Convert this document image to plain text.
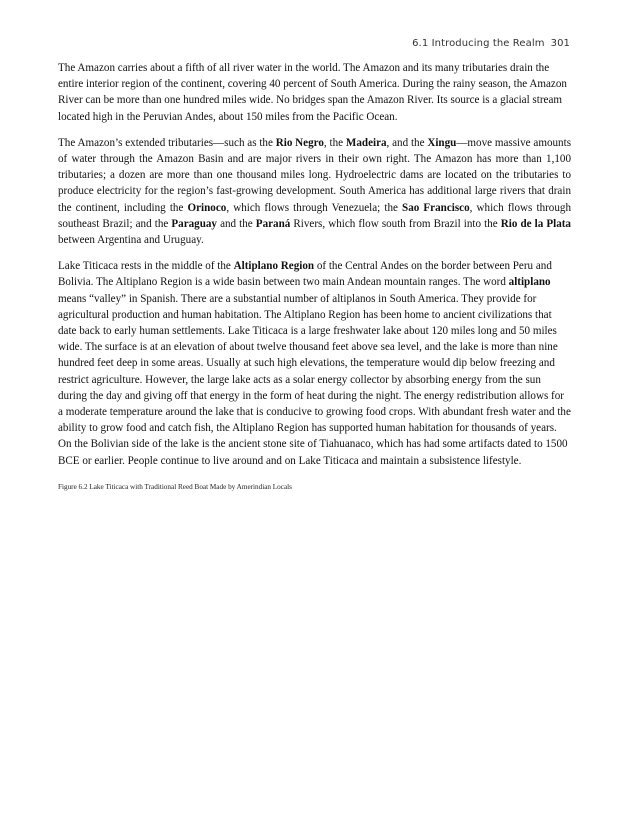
6.1 Introducing the Realm 301

The Amazon carries about a fifth of all river water in the world. The Amazon and its many tributaries drain the entire interior region of the continent, covering 40 percent of South America. During the rainy season, the Amazon River can be more than one hundred miles wide. No bridges span the Amazon River. Its source is a glacial stream located high in the Peruvian Andes, about 150 miles from the Pacific Ocean.

The Amazon’s extended tributaries—such as the Rio Negro, the Madeira, and the Xingu—move massive amounts of water through the Amazon Basin and are major rivers in their own right. The Amazon has more than 1,100 tributaries; a dozen are more than one thousand miles long. Hydroelectric dams are located on the tributaries to produce electricity for the region’s fast-growing development. South America has additional large rivers that drain the continent, including the Orinoco, which flows through Venezuela; the Sao Francisco, which flows through southeast Brazil; and the Paraguay and the Paraná Rivers, which flow south from Brazil into the Rio de la Plata between Argentina and Uruguay.

Lake Titicaca rests in the middle of the Altiplano Region of the Central Andes on the border between Peru and Bolivia. The Altiplano Region is a wide basin between two main Andean mountain ranges. The word altiplano means “valley” in Spanish. There are a substantial number of altiplanos in South America. They provide for agricultural production and human habitation. The Altiplano Region has been home to ancient civilizations that date back to early human settlements. Lake Titicaca is a large freshwater lake about 120 miles long and 50 miles wide. The surface is at an elevation of about twelve thousand feet above sea level, and the lake is more than nine hundred feet deep in some areas. Usually at such high elevations, the temperature would dip below freezing and restrict agriculture. However, the large lake acts as a solar energy collector by absorbing energy from the sun during the day and giving off that energy in the form of heat during the night. The energy redistribution allows for a moderate temperature around the lake that is conducive to growing food crops. With abundant fresh water and the ability to grow food and catch fish, the Altiplano Region has supported human habitation for thousands of years. On the Bolivian side of the lake is the ancient stone site of Tiahuanaco, which has had some artifacts dated to 1500 BCE or earlier. People continue to live around and on Lake Titicaca and maintain a subsistence lifestyle.

Figure 6.2 Lake Titicaca with Traditional Reed Boat Made by Amerindian Locals
